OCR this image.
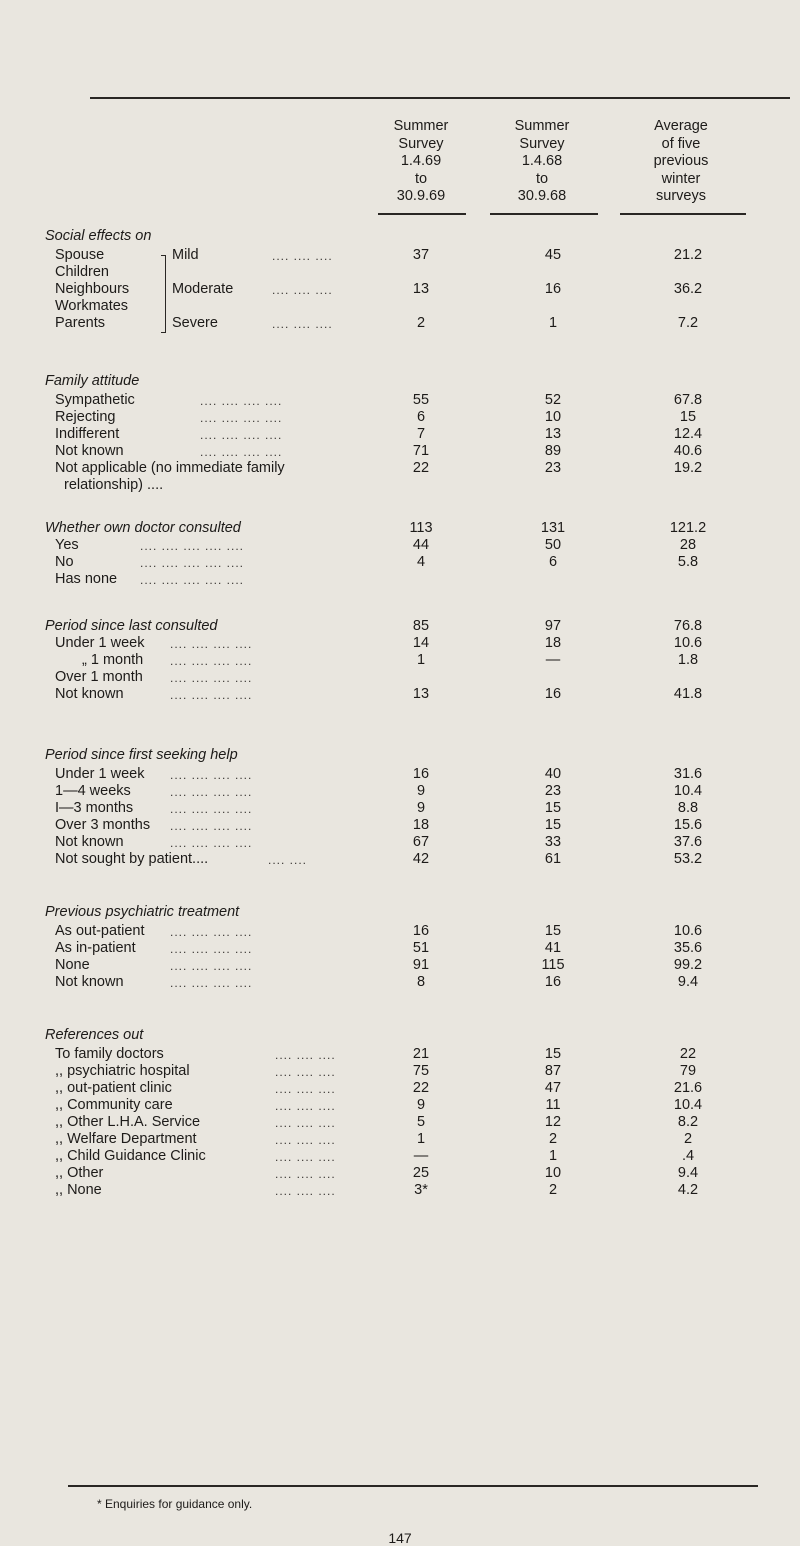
Summer
Survey
1.4.69
to
30.9.69
Summer
Survey
1.4.68
to
30.9.68
Average
of five
previous
winter
surveys
Social effects on
Spouse
Children
Neighbours
Workmates
Parents
Mild	.... .... ....	37	45	21.2
Moderate	.... .... ....	13	16	36.2
Severe	.... .... ....	2	1	7.2
Family attitude
Sympathetic	.... .... .... ....	55	52	67.8
Rejecting	.... .... .... ....	6	10	15
Indifferent	.... .... .... ....	7	13	12.4
Not known	.... .... .... ....	71	89	40.6
Not applicable (no immediate family	22	23	19.2
relationship) ....
Whether own doctor consulted	113	131	121.2
Yes	.... .... .... .... ....	44	50	28
No	.... .... .... .... ....	4	6	5.8
Has none .... .... .... .... ....
Period since last consulted	85	97	76.8
Under 1 week .... .... .... ....	14	18	10.6
„ 1 month .... .... .... ....	1	—	1.8
Over 1 month .... .... .... ....
Not known	.... .... .... ....	13	16	41.8
Period since first seeking help
Under 1 week .... .... .... ....	16	40	31.6
1—4 weeks	.... .... .... ....	9	23	10.4
I—3 months	.... .... .... ....	9	15	8.8
Over 3 months .... .... .... ....	18	15	15.6
Not known	.... .... .... ....	67	33	37.6
Not sought by patient....	.... ....	42	61	53.2
Previous psychiatric treatment
As out-patient .... .... .... ....	16	15	10.6
As in-patient	.... .... .... ....	51	41	35.6
None	.... .... .... ....	91	115	99.2
Not known	.... .... .... ....	8	16	9.4
References out
To family doctors	.... .... ....	21	15	22
,, psychiatric hospital	.... .... ....	75	87	79
,, out-patient clinic	.... .... ....	22	47	21.6
,, Community care	.... .... ....	9	11	10.4
,, Other L.H.A. Service	.... .... ....	5	12	8.2
,, Welfare Department	.... .... ....	1	2	2
,, Child Guidance Clinic	.... .... ....	—	1	.4
,, Other	.... .... ....	25	10	9.4
,, None	.... .... ....	3*	2	4.2
* Enquiries for guidance only.
147
